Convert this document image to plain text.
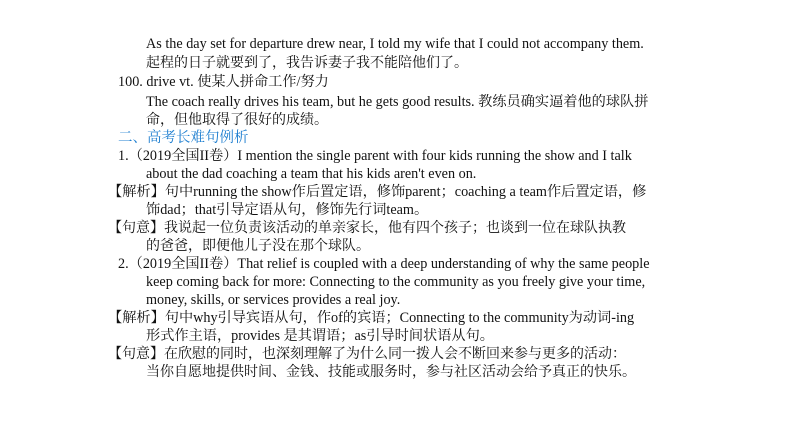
As the day set for departure drew near, I told my wife that I could not accompany them.
起程的日子就要到了，我告诉妻子我不能陪他们了。
100. drive vt. 使某人拼命工作/努力
The coach really drives his team, but he gets good results. 教练员确实逼着他的球队拼
命，但他取得了很好的成绩。
二、高考长难句例析
1.（2019全国II卷）I mention the single parent with four kids running the show and I talk
about the dad coaching a team that his kids aren't even on.
【解析】句中running the show作后置定语，修饰parent；coaching a team作后置定语，修
饰dad；that引导定语从句，修饰先行词team。
【句意】我说起一位负责该活动的单亲家长，他有四个孩子；也谈到一位在球队执教
的爸爸，即便他儿子没在那个球队。
2.（2019全国II卷）That relief is coupled with a deep understanding of why the same people
keep coming back for more: Connecting to the community as you freely give your time,
money, skills, or services provides a real joy.
【解析】句中why引导宾语从句，作of的宾语；Connecting to the community为动词-ing
形式作主语，provides 是其谓语；as引导时间状语从句。
【句意】在欣慰的同时，也深刻理解了为什么同一拨人会不断回来参与更多的活动：
当你自愿地提供时间、金钱、技能或服务时，参与社区活动会给予真正的快乐。
